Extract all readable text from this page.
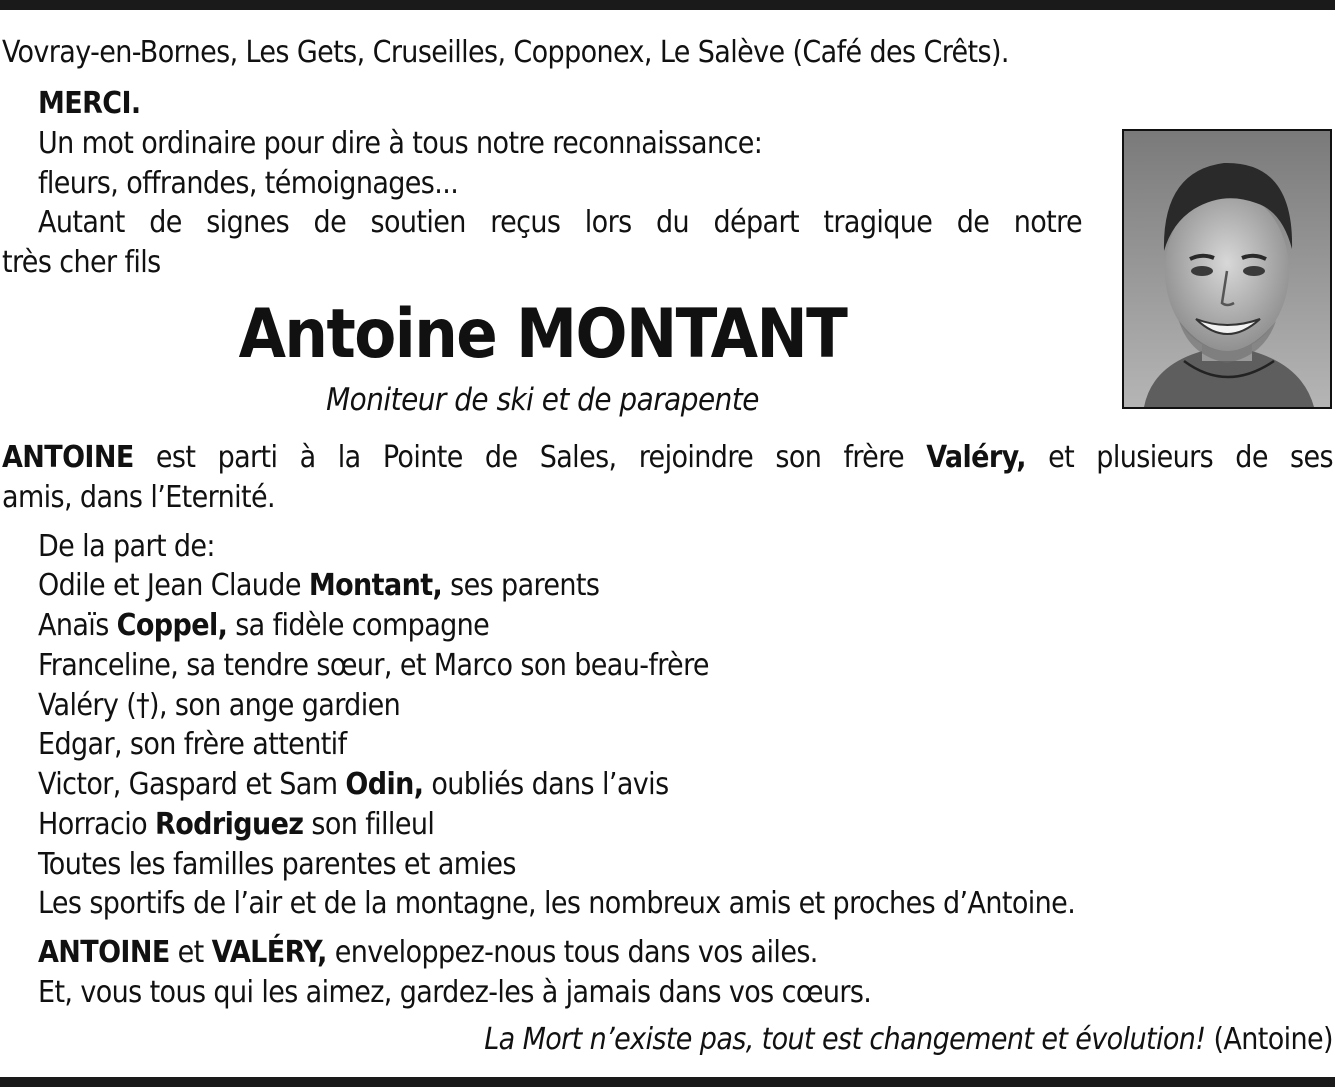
Vovray-en-Bornes, Les Gets, Cruseilles, Copponex, Le Salève (Café des Crêts).
MERCI.
Un mot ordinaire pour dire à tous notre reconnaissance:
fleurs, offrandes, témoignages...
Autant de signes de soutien reçus lors du départ tragique de notre
très cher fils
Antoine MONTANT
Moniteur de ski et de parapente
ANTOINE est parti à la Pointe de Sales, rejoindre son frère Valéry, et plusieurs de ses
amis, dans l’Eternité.
De la part de:
Odile et Jean Claude Montant, ses parents
Anaïs Coppel, sa fidèle compagne
Franceline, sa tendre sœur, et Marco son beau-frère
Valéry (†), son ange gardien
Edgar, son frère attentif
Victor, Gaspard et Sam Odin, oubliés dans l’avis
Horracio Rodriguez son filleul
Toutes les familles parentes et amies
Les sportifs de l’air et de la montagne, les nombreux amis et proches d’Antoine.
ANTOINE et VALÉRY, enveloppez-nous tous dans vos ailes.
Et, vous tous qui les aimez, gardez-les à jamais dans vos cœurs.
La Mort n’existe pas, tout est changement et évolution! (Antoine)
